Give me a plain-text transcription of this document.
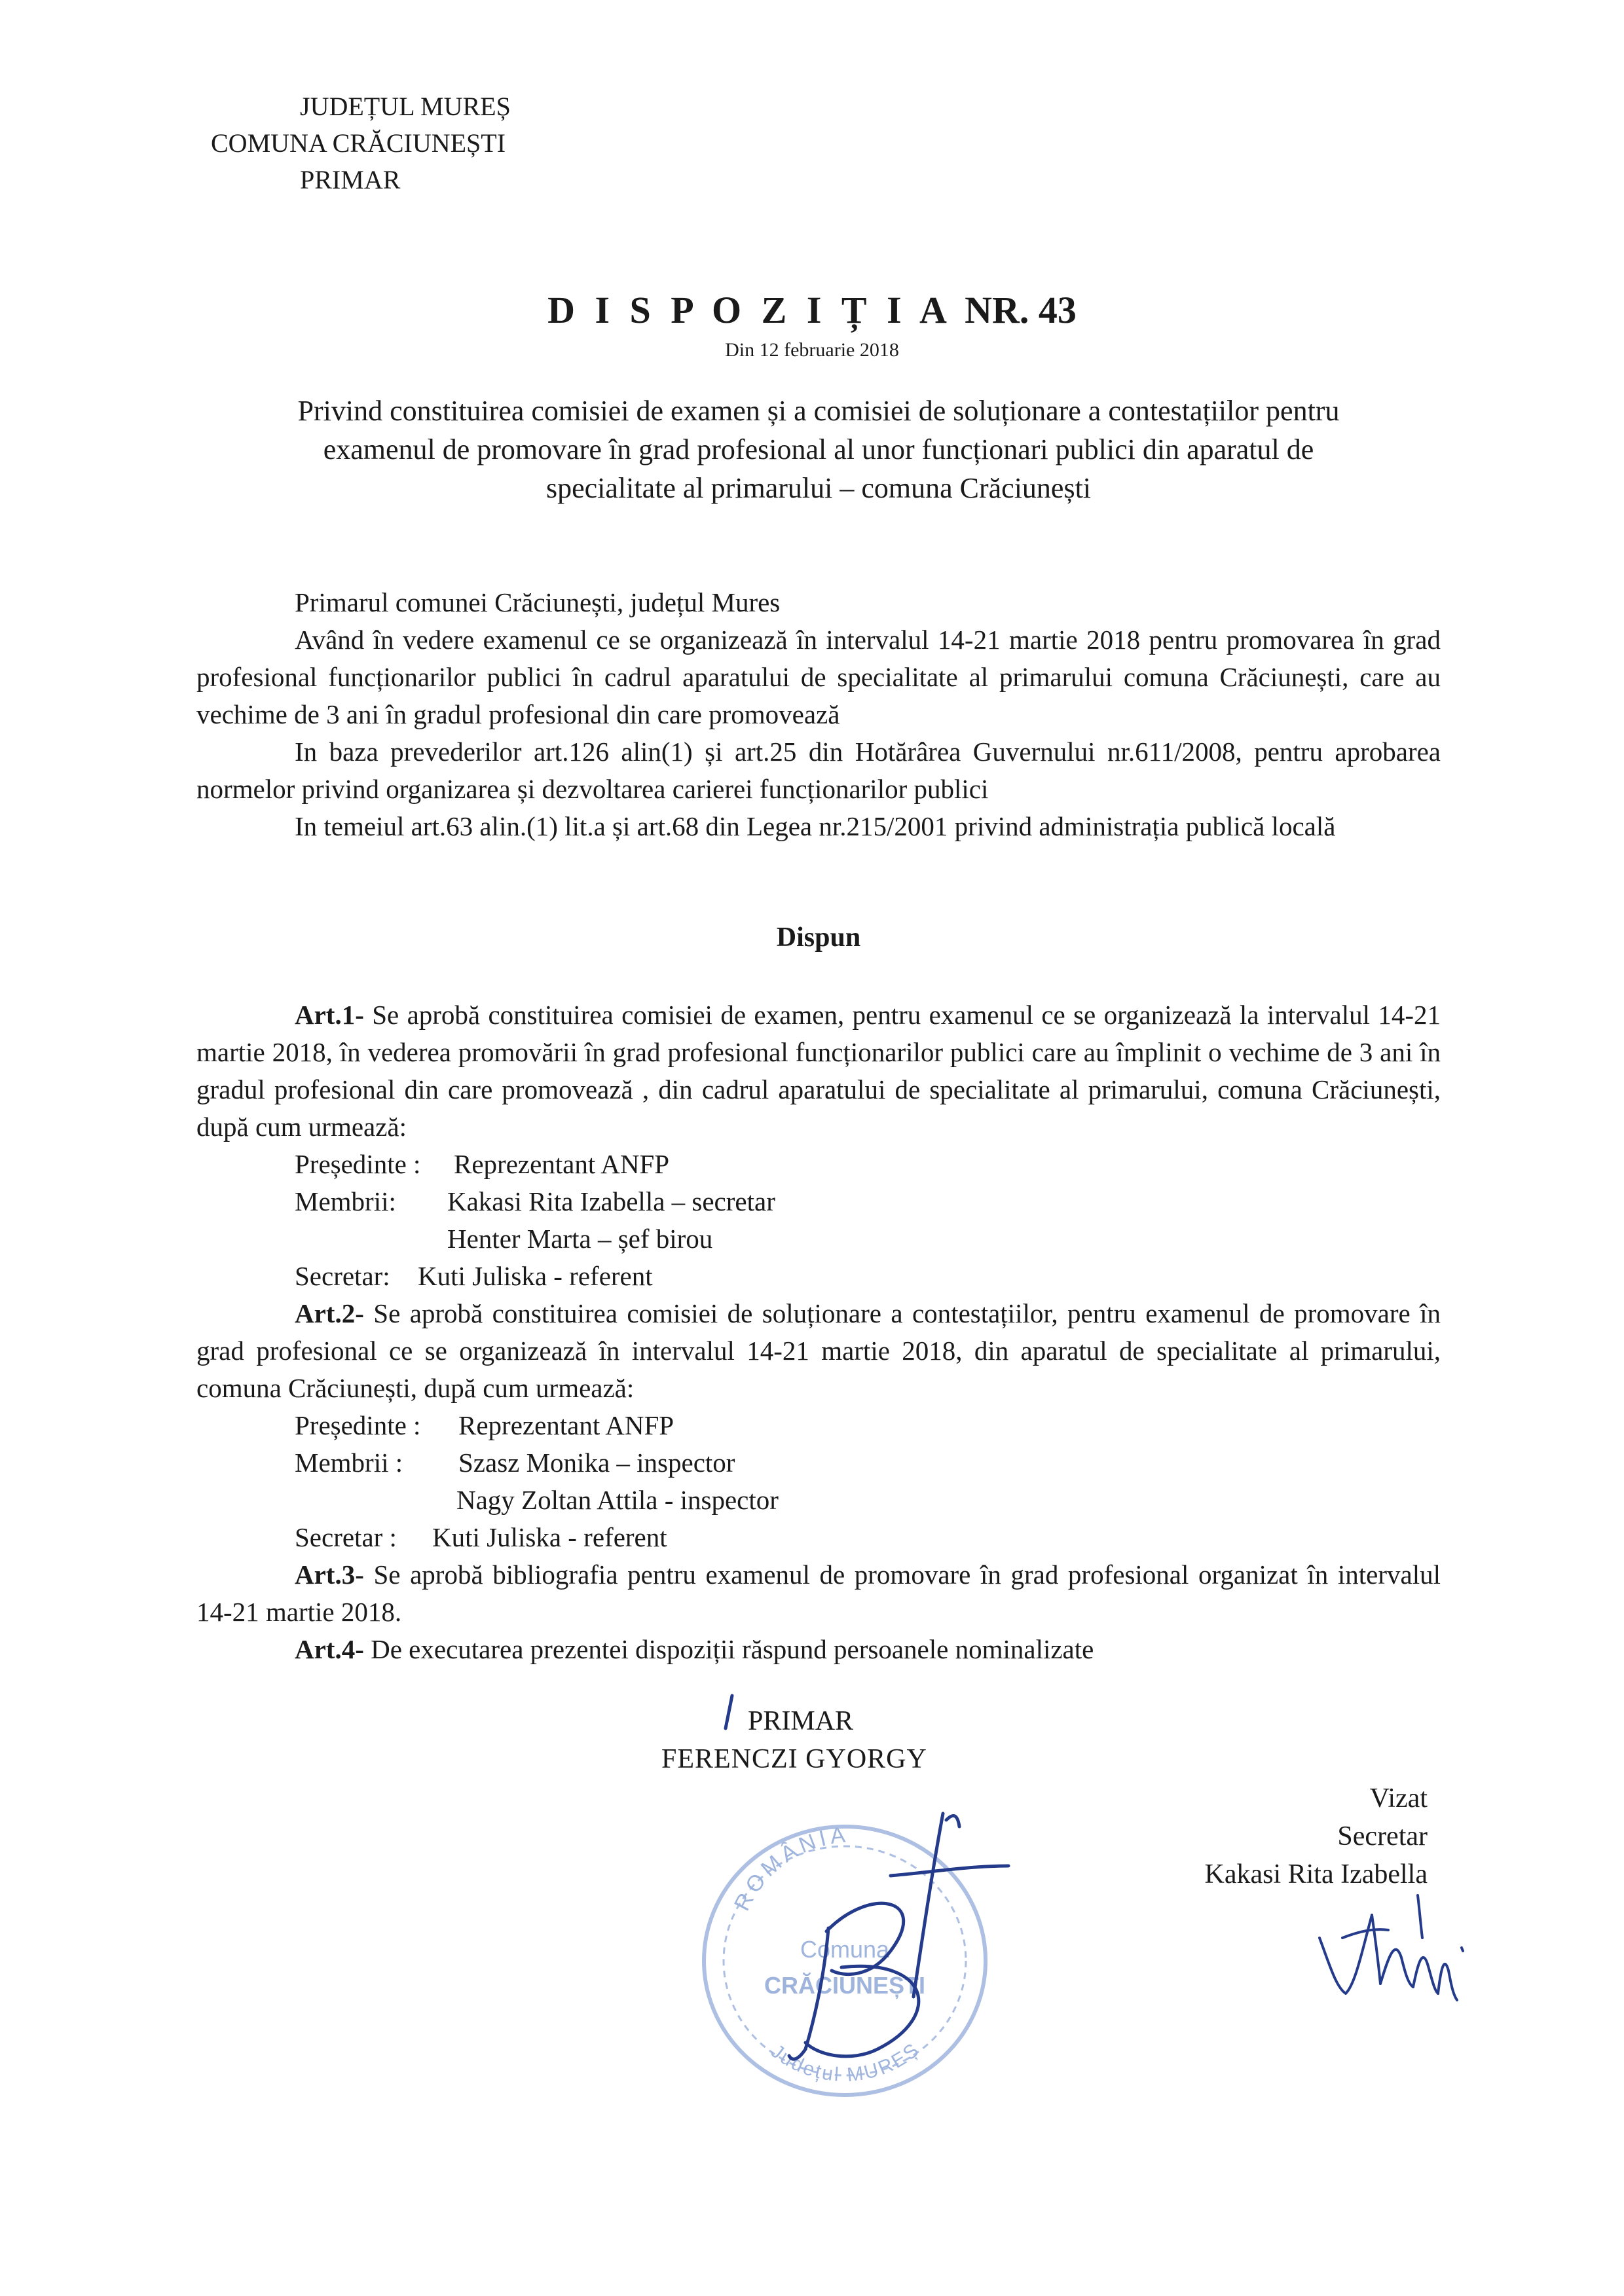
JUDEȚUL MUREȘ
COMUNA CRĂCIUNEȘTI
PRIMAR
D I S P O Z I Ț I A NR. 43
Din 12 februarie 2018
Privind constituirea comisiei de examen și a comisiei de soluționare a contestațiilor pentru
examenul de promovare în grad profesional al unor funcționari publici din aparatul de
specialitate al primarului – comuna Crăciunești
Primarul comunei Crăciunești, județul Mures
Având în vedere examenul ce se organizează în intervalul 14-21 martie 2018 pentru promovarea în grad profesional funcționarilor publici în cadrul aparatului de specialitate al primarului comuna Crăciunești, care au vechime de 3 ani în gradul profesional din care promovează
In baza prevederilor art.126 alin(1) și art.25 din Hotărârea Guvernului nr.611/2008, pentru aprobarea normelor privind organizarea și dezvoltarea carierei funcționarilor publici
In temeiul art.63 alin.(1) lit.a și art.68 din Legea nr.215/2001 privind administrația publică locală
Dispun
Art.1- Se aprobă constituirea comisiei de examen, pentru examenul ce se organizează la intervalul 14-21 martie 2018, în vederea promovării în grad profesional funcționarilor publici care au împlinit o vechime de 3 ani în gradul profesional din care promovează , din cadrul aparatului de specialitate al primarului, comuna Crăciunești, după cum urmează:
Președinte : Reprezentant ANFP
Membrii: Kakasi Rita Izabella – secretar
Henter Marta – șef birou
Secretar: Kuti Juliska - referent
Art.2- Se aprobă constituirea comisiei de soluționare a contestațiilor, pentru examenul de promovare în grad profesional ce se organizează în intervalul 14-21 martie 2018, din aparatul de specialitate al primarului, comuna Crăciunești, după cum urmează:
Președinte : Reprezentant ANFP
Membrii : Szasz Monika – inspector
Nagy Zoltan Attila - inspector
Secretar : Kuti Juliska - referent
Art.3- Se aprobă bibliografia pentru examenul de promovare în grad profesional organizat în intervalul 14-21 martie 2018.
Art.4- De executarea prezentei dispoziții răspund persoanele nominalizate
PRIMAR
FERENCZI GYORGY
Vizat
Secretar
Kakasi Rita Izabella
ROMÂNIA
Comuna
CRĂCIUNEȘTI
Județul MUREȘ
